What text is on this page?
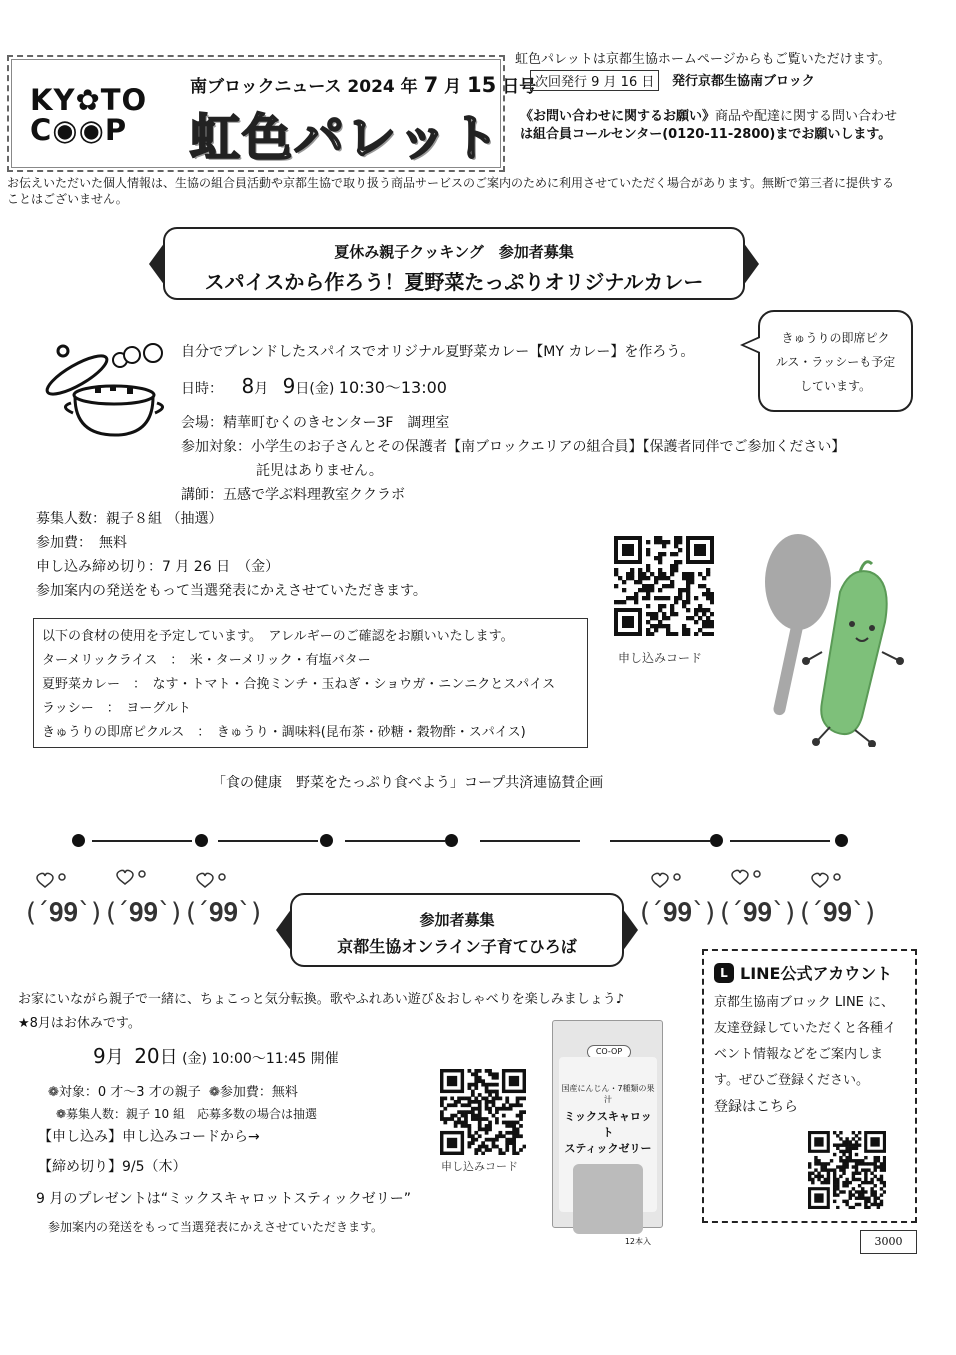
KY✿TO
C◉◉P
南ブロックニュース 2024 年 7 月 15 日号
虹色パレット
虹色パレットは京都生協ホームページからもご覧いただけます。
次回発行 9 月 16 日	発行京都生協南ブロック
《お問い合わせに関するお願い》商品や配達に関する問い合わせ
は組合員コールセンター(0120-11-2800)までお願いします。
お伝えいただいた個人情報は、生協の組合員活動や京都生協で取り扱う商品サービスのご案内のために利用させていただく場合があります。無断で第三者に提供する
ことはございません。
夏休み親子クッキング　参加者募集
スパイスから作ろう！夏野菜たっぷりオリジナルカレー
自分でブレンドしたスパイスでオリジナル夏野菜カレー【MY カレー】を作ろう。
日時： 8月 9日(金) 10:30～13:00
会場：精華町むくのきセンター3F　調理室
参加対象：小学生のお子さんとその保護者【南ブロックエリアの組合員】【保護者同伴でご参加ください】
託児はありません。
講師：五感で学ぶ料理教室ククラボ
募集人数：親子８組 （抽選）
参加費：　無料
申し込み締め切り：7 月 26 日　（金）
参加案内の発送をもって当選発表にかえさせていただきます。
きゅうりの即席ピク
ルス・ラッシーも予定
しています。
申し込みコード
以下の食材の使用を予定しています。　アレルギーのご確認をお願いいたします。
ターメリックライス　：　米・ターメリック・有塩バター
夏野菜カレー　：　なす・トマト・合挽ミンチ・玉ねぎ・ショウガ・ニンニクとスパイス
ラッシー　：　ヨーグルト
きゅうりの即席ピクルス　：　きゅうり・調味料(昆布茶・砂糖・穀物酢・スパイス)
「食の健康　野菜をたっぷり食べよう」コープ共済連協賛企画
(ˊ𝟗𝟗ˋ) (ˊ𝟗𝟗ˋ) (ˊ𝟗𝟗ˋ)	(ˊ𝟗𝟗ˋ) (ˊ𝟗𝟗ˋ) (ˊ𝟗𝟗ˋ)
参加者募集
京都生協オンライン子育てひろば
お家にいながら親子で一緒に、ちょこっと気分転換。歌やふれあい遊び＆おしゃべりを楽しみましょう♪
★8月はお休みです。
9月 20日 (金) 10:00～11:45 開催
❁対象：0 才～3 才の親子 ❁参加費：無料
❁募集人数：親子 10 組　応募多数の場合は抽選
【申し込み】申し込みコードから→
【締め切り】9/5（木）
9 月のプレゼントは“ミックスキャロットスティックゼリー”
参加案内の発送をもって当選発表にかえさせていただきます。
申し込みコード
CO-OP
国産にんじん・7種類の果汁
ミックスキャロット
スティックゼリー
12本入
L LINE公式アカウント
京都生協南ブロック LINE に、友達登録していただくと各種イベント情報などをご案内します。ぜひご登録ください。
登録はこちら
3000
